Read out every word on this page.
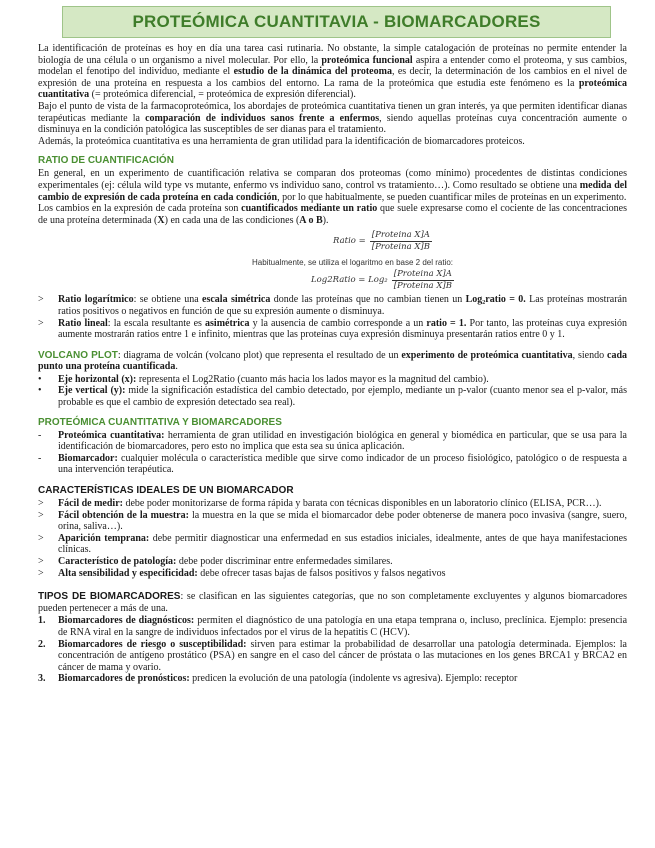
PROTEÓMICA CUANTITAVIA - BIOMARCADORES

La identificación de proteínas es hoy en día una tarea casi rutinaria. No obstante, la simple catalogación de proteínas no permite entender la biología de una célula o un organismo a nivel molecular. Por ello, la proteómica funcional aspira a entender como el proteoma, y sus cambios, modelan el fenotipo del individuo, mediante el estudio de la dinámica del proteoma, es decir, la determinación de los cambios en el nivel de expresión de una proteína en respuesta a los cambios del entorno. La rama de la proteómica que estudia este fenómeno es la proteómica cuantitativa (= proteómica diferencial, = proteómica de expresión diferencial).

Bajo el punto de vista de la farmacoproteómica, los abordajes de proteómica cuantitativa tienen un gran interés, ya que permiten identificar dianas terapéuticas mediante la comparación de individuos sanos frente a enfermos, siendo aquellas proteínas cuya concentración aumente o disminuya en la condición patológica las susceptibles de ser dianas para el tratamiento.

Además, la proteómica cuantitativa es una herramienta de gran utilidad para la identificación de biomarcadores proteicos.

RATIO DE CUANTIFICACIÓN

En general, en un experimento de cuantificación relativa se comparan dos proteomas (como mínimo) procedentes de distintas condiciones experimentales (ej: célula wild type vs mutante, enfermo vs individuo sano, control vs tratamiento…). Como resultado se obtiene una medida del cambio de expresión de cada proteína en cada condición, por lo que habitualmente, se pueden cuantificar miles de proteínas en un experimento.

Los cambios en la expresión de cada proteína son cuantificados mediante un ratio que suele expresarse como el cociente de las concentraciones de una proteína determinada (X) en cada una de las condiciones (A o B).

Ratio = $\frac{\text{[Proteina X]A}}{\text{[Proteina X]B}}$
Habitualmente, se utiliza el logaritmo en base 2 del ratio:
Log2Ratio = $Log_2 \frac{\text{[Proteina X]A}}{\text{[Proteina X]B}}$
> Ratio logarítmico: se obtiene una escala simétrica donde las proteínas que no cambian tienen un Log₂ratio = 0. Las proteínas mostrarán ratios positivos o negativos en función de que su expresión aumente o disminuya.
> Ratio lineal: la escala resultante es asimétrica y la ausencia de cambio corresponde a un ratio = 1. Por tanto, las proteínas cuya expresión aumente mostrarán ratios entre 1 e infinito, mientras que las proteínas cuya expresión disminuya presentarán ratios entre 0 y 1.

VOLCANO PLOT: diagrama de volcán (volcano plot) que representa el resultado de un experimento de proteómica cuantitativa, siendo cada punto una proteína cuantificada.

• Eje horizontal (x): representa el Log2Ratio (cuanto más hacia los lados mayor es la magnitud del cambio).
• Eje vertical (y): mide la significación estadística del cambio detectado, por ejemplo, mediante un p-valor (cuanto menor sea el p-valor, más probable es que el cambio de expresión detectado sea real).
PROTEÓMICA CUANTITATIVA Y BIOMARCADORES
- Proteómica cuantitativa: herramienta de gran utilidad en investigación biológica en general y biomédica en particular, que se usa para la identificación de biomarcadores, pero esto no implica que esta sea su única aplicación.
- Biomarcador: cualquier molécula o característica medible que sirve como indicador de un proceso fisiológico, patológico o de respuesta a una intervención terapéutica.
CARACTERÍSTICAS IDEALES DE UN BIOMARCADOR
> Fácil de medir: debe poder monitorizarse de forma rápida y barata con técnicas disponibles en un laboratorio clínico (ELISA, PCR…).
> Fácil obtención de la muestra: la muestra en la que se mida el biomarcador debe poder obtenerse de manera poco invasiva (sangre, suero, orina, saliva…).
> Aparición temprana: debe permitir diagnosticar una enfermedad en sus estadios iniciales, idealmente, antes de que haya manifestaciones clínicas.
> Característico de patología: debe poder discriminar entre enfermedades similares.
> Alta sensibilidad y especificidad: debe ofrecer tasas bajas de falsos positivos y falsos negativos

TIPOS DE BIOMARCADORES: se clasifican en las siguientes categorías, que no son completamente excluyentes y algunos biomarcadores pueden pertenecer a más de una.

1. Biomarcadores de diagnósticos: permiten el diagnóstico de una patología en una etapa temprana o, incluso, preclínica. Ejemplo: presencia de RNA viral en la sangre de individuos infectados por el virus de la hepatitis C (HCV).
2. Biomarcadores de riesgo o susceptibilidad: sirven para estimar la probabilidad de desarrollar una patología determinada. Ejemplos: la concentración de antígeno prostático (PSA) en sangre en el caso del cáncer de próstata o las mutaciones en los genes BRCA1 y BRCA2 en cáncer de mama y ovario.
3. Biomarcadores de pronósticos: predicen la evolución de una patología (indolente vs agresiva). Ejemplo: receptor
